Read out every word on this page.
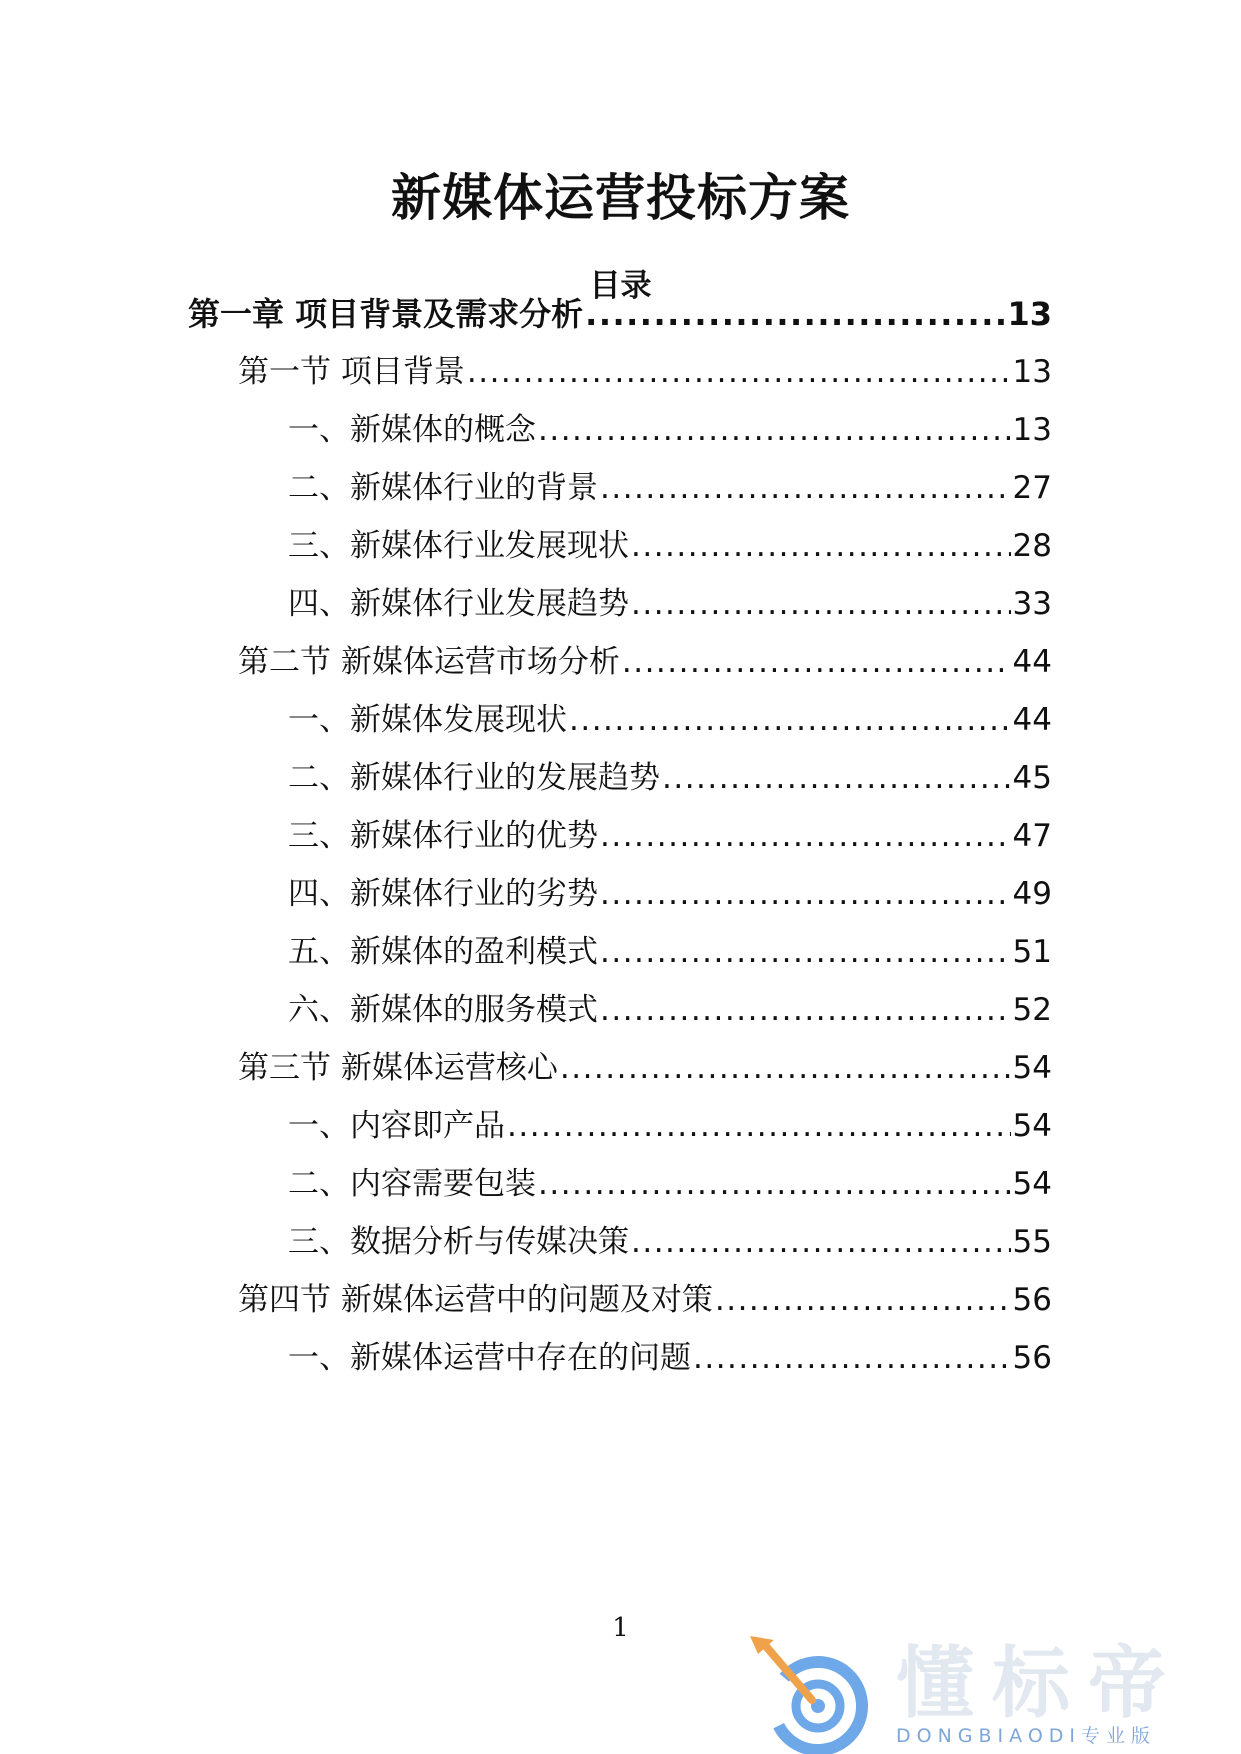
新媒体运营投标方案
目录
第一章 项目背景及需求分析 .....	13
第一节 项目背景 .....	13
一、新媒体的概念 .....	13
二、新媒体行业的背景 .....	27
三、新媒体行业发展现状 .....	28
四、新媒体行业发展趋势 .....	33
第二节 新媒体运营市场分析 .....	44
一、新媒体发展现状 .....	44
二、新媒体行业的发展趋势 .....	45
三、新媒体行业的优势 .....	47
四、新媒体行业的劣势 .....	49
五、新媒体的盈利模式 .....	51
六、新媒体的服务模式 .....	52
第三节 新媒体运营核心 .....	54
一、内容即产品 .....	54
二、内容需要包装 .....	54
三、数据分析与传媒决策 .....	55
第四节 新媒体运营中的问题及对策 .....	56
一、新媒体运营中存在的问题 .....	56
1
懂标帝
DONGBIAODI专业版
